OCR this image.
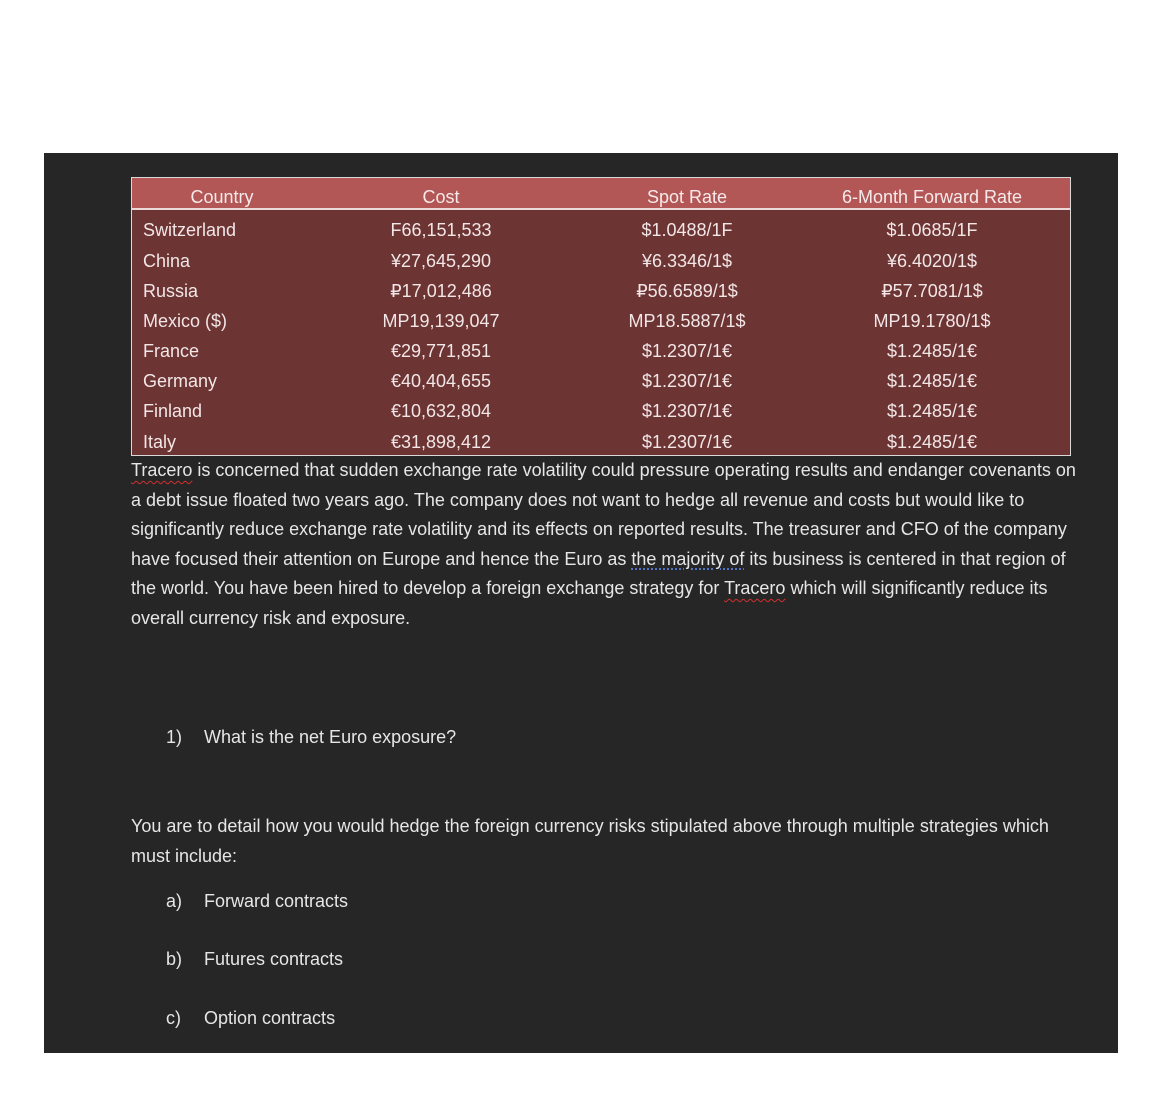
Country	Cost	Spot Rate	6-Month Forward Rate
Switzerland	F66,151,533	$1.0488/1F	$1.0685/1F
China	¥27,645,290	¥6.3346/1$	¥6.4020/1$
Russia	₽17,012,486	₽56.6589/1$	₽57.7081/1$
Mexico ($)	MP19,139,047	MP18.5887/1$	MP19.1780/1$
France	€29,771,851	$1.2307/1€	$1.2485/1€
Germany	€40,404,655	$1.2307/1€	$1.2485/1€
Finland	€10,632,804	$1.2307/1€	$1.2485/1€
Italy	€31,898,412	$1.2307/1€	$1.2485/1€
Tracero is concerned that sudden exchange rate volatility could pressure operating results and endanger covenants on a debt issue floated two years ago. The company does not want to hedge all revenue and costs but would like to significantly reduce exchange rate volatility and its effects on reported results. The treasurer and CFO of the company have focused their attention on Europe and hence the Euro as the majority of its business is centered in that region of the world. You have been hired to develop a foreign exchange strategy for Tracero which will significantly reduce its overall currency risk and exposure.
1) What is the net Euro exposure?
You are to detail how you would hedge the foreign currency risks stipulated above through multiple strategies which must include:
a) Forward contracts
b) Futures contracts
c) Option contracts
